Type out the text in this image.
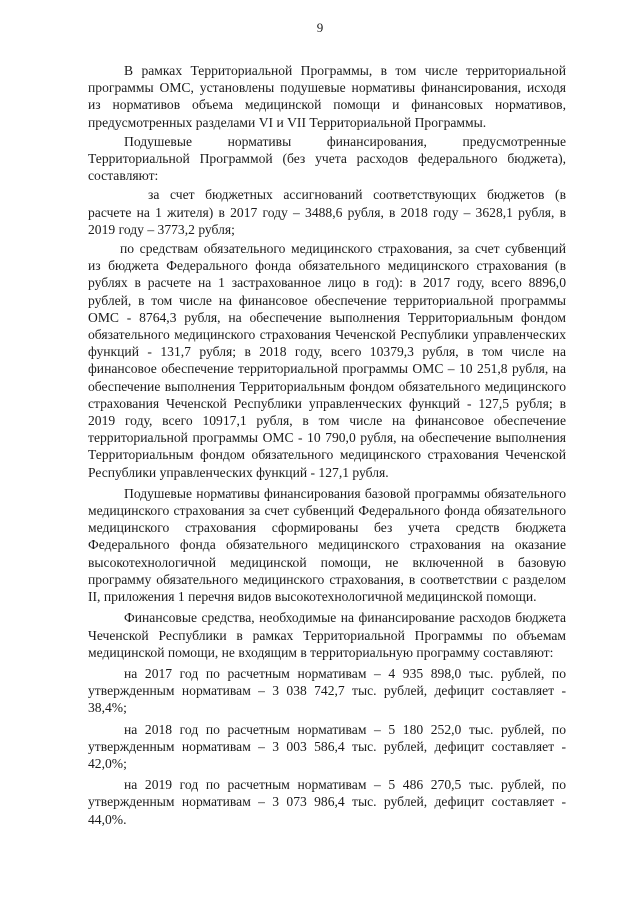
9

В рамках Территориальной Программы, в том числе территориальной программы ОМС, установлены подушевые нормативы финансирования, исходя из нормативов объема медицинской помощи и финансовых нормативов, предусмотренных разделами VI и VII Территориальной Программы.

Подушевые нормативы финансирования, предусмотренные Территориальной Программой (без учета расходов федерального бюджета), составляют:

за счет бюджетных ассигнований соответствующих бюджетов (в расчете на 1 жителя) в 2017 году – 3488,6 рубля, в 2018 году – 3628,1 рубля, в 2019 году – 3773,2 рубля;

по средствам обязательного медицинского страхования, за счет субвенций из бюджета Федерального фонда обязательного медицинского страхования (в рублях в расчете на 1 застрахованное лицо в год): в 2017 году, всего 8896,0 рублей, в том числе на финансовое обеспечение территориальной программы ОМС - 8764,3 рубля, на обеспечение выполнения Территориальным фондом обязательного медицинского страхования Чеченской Республики управленческих функций - 131,7 рубля; в 2018 году, всего 10379,3 рубля, в том числе на финансовое обеспечение территориальной программы ОМС – 10 251,8 рубля, на обеспечение выполнения Территориальным фондом обязательного медицинского страхования Чеченской Республики управленческих функций - 127,5 рубля; в 2019 году, всего 10917,1 рубля, в том числе на финансовое обеспечение территориальной программы ОМС - 10 790,0 рубля, на обеспечение выполнения Территориальным фондом обязательного медицинского страхования Чеченской Республики управленческих функций - 127,1 рубля.

Подушевые нормативы финансирования базовой программы обязательного медицинского страхования за счет субвенций Федерального фонда обязательного медицинского страхования сформированы без учета средств бюджета Федерального фонда обязательного медицинского страхования на оказание высокотехнологичной медицинской помощи, не включенной в базовую программу обязательного медицинского страхования, в соответствии с разделом II, приложения 1 перечня видов высокотехнологичной медицинской помощи.

Финансовые средства, необходимые на финансирование расходов бюджета Чеченской Республики в рамках Территориальной Программы по объемам медицинской помощи, не входящим в территориальную программу составляют:

на 2017 год по расчетным нормативам – 4 935 898,0 тыс. рублей, по утвержденным нормативам – 3 038 742,7 тыс. рублей, дефицит составляет - 38,4%;

на 2018 год по расчетным нормативам – 5 180 252,0 тыс. рублей, по утвержденным нормативам – 3 003 586,4 тыс. рублей, дефицит составляет - 42,0%;

на 2019 год по расчетным нормативам – 5 486 270,5 тыс. рублей, по утвержденным нормативам – 3 073 986,4 тыс. рублей, дефицит составляет - 44,0%.
